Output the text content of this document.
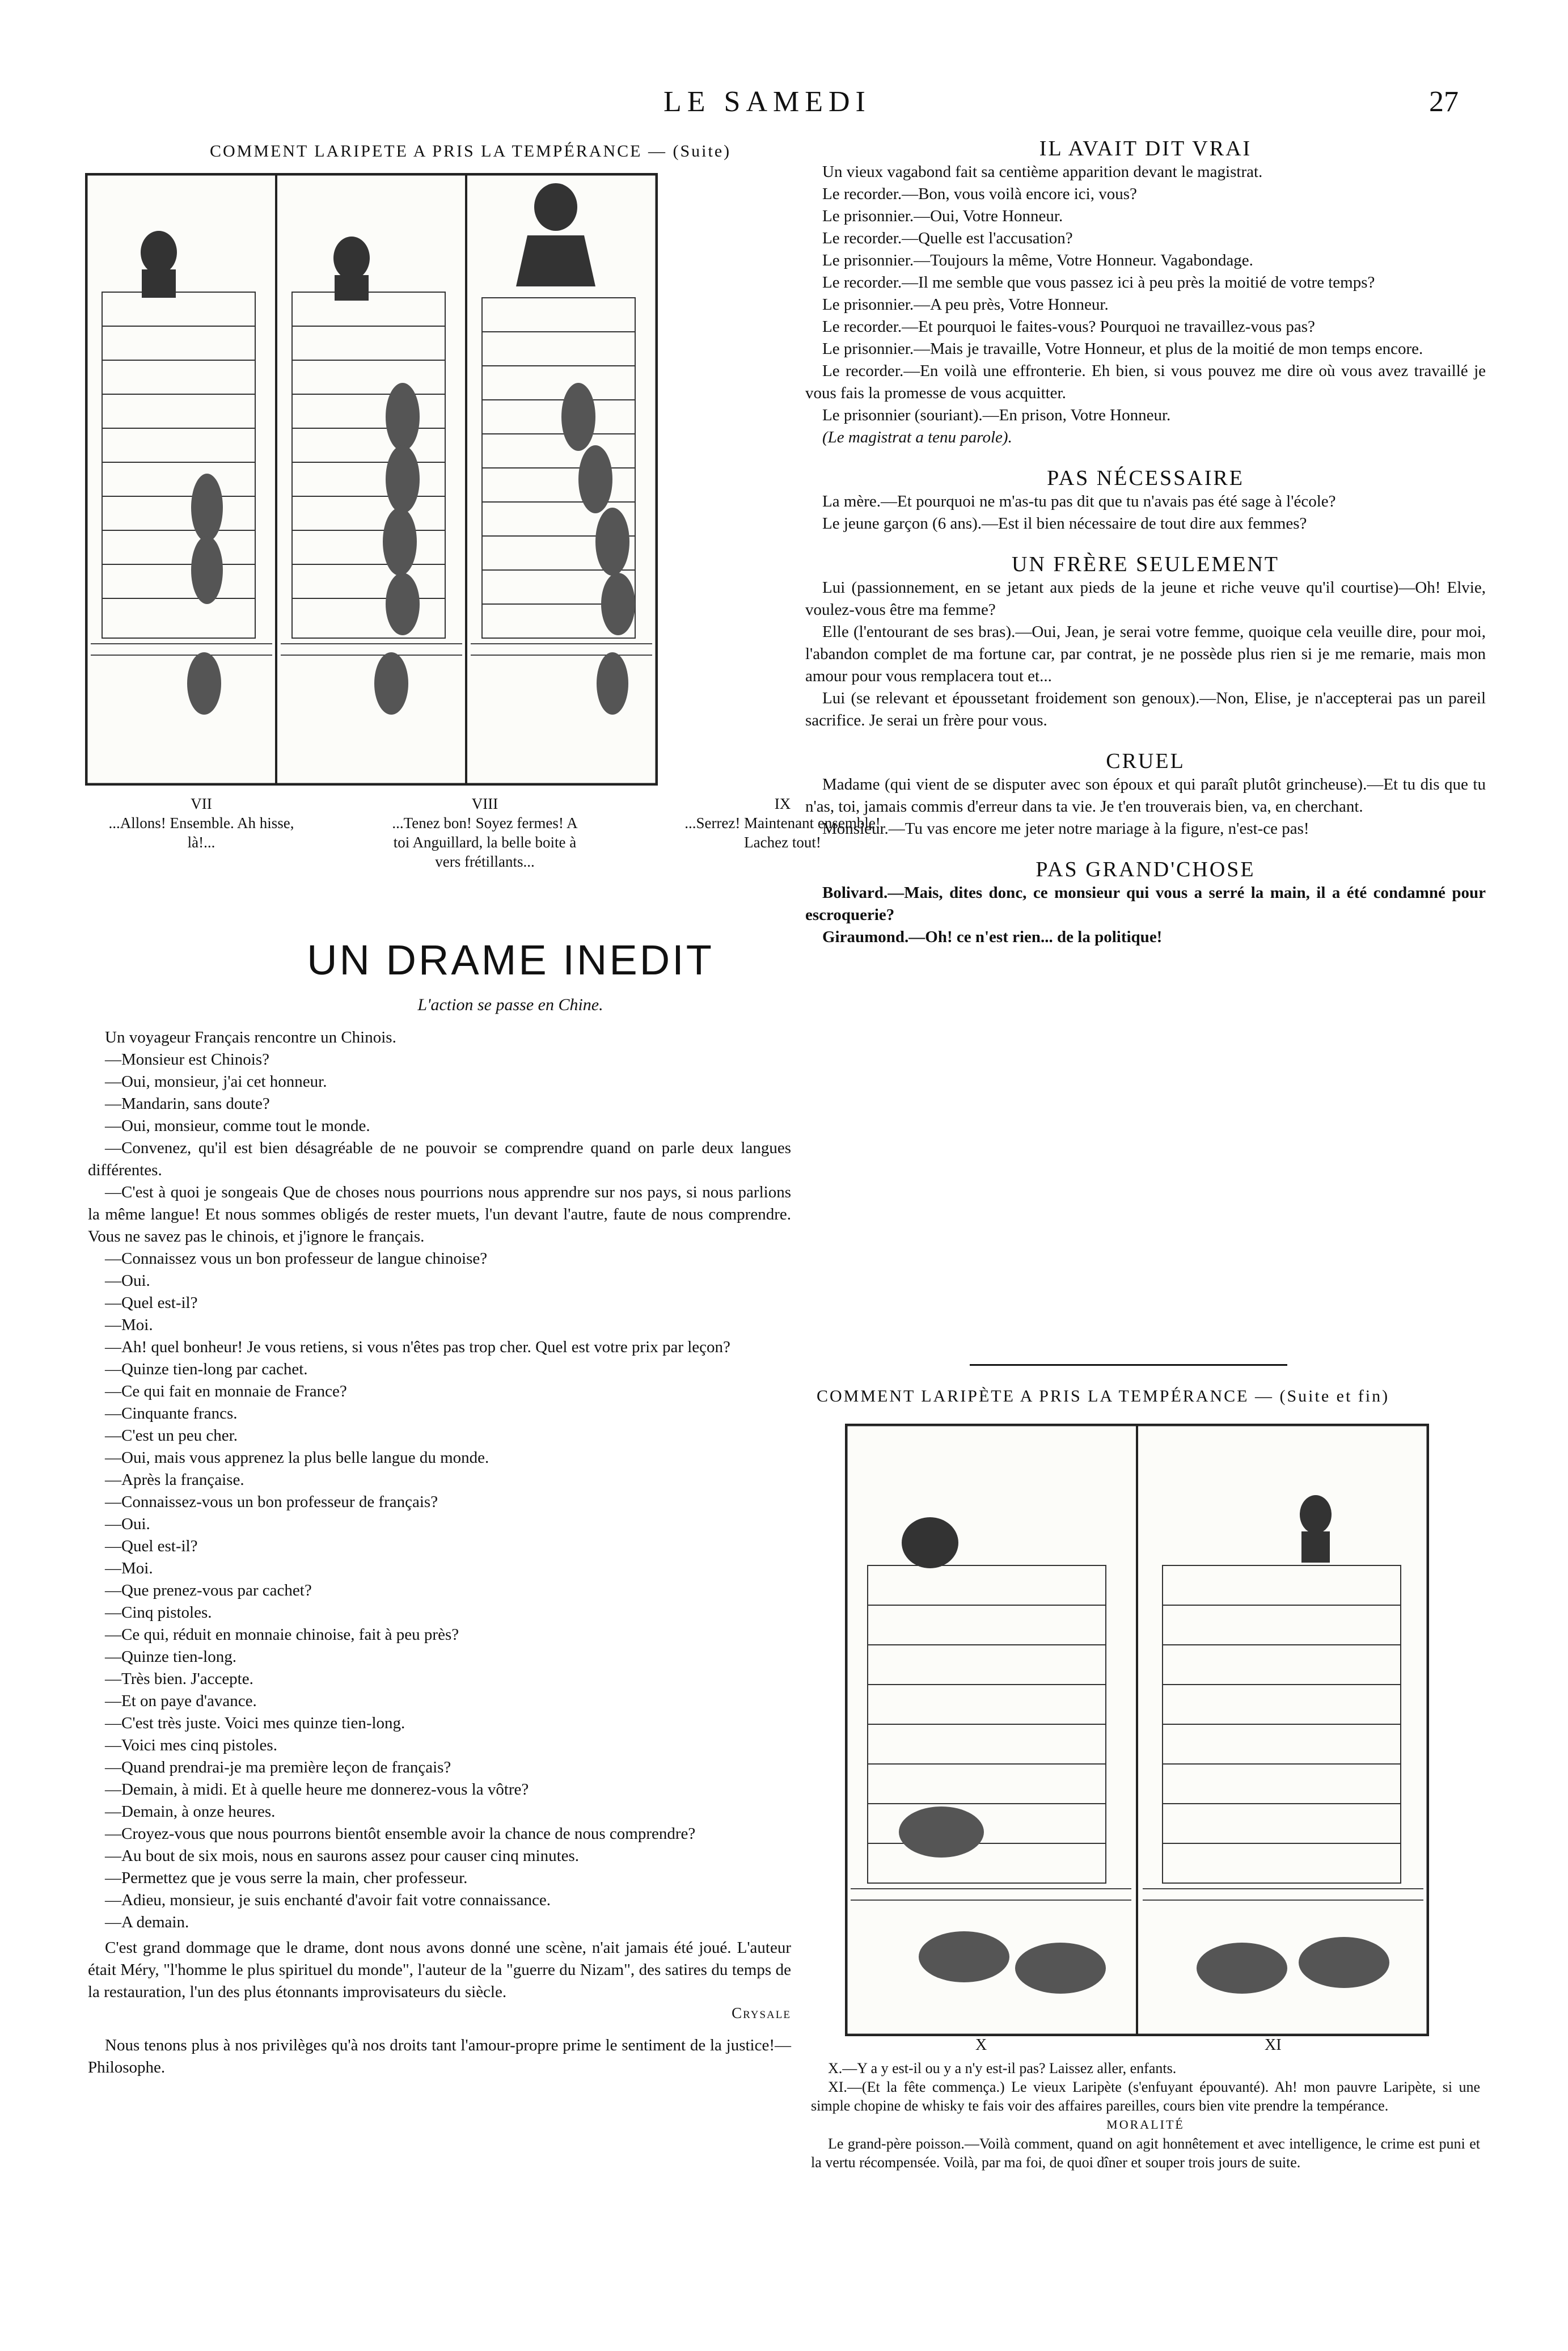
LE SAMEDI	27
COMMENT LARIPETE A PRIS LA TEMPÉRANCE — (Suite)
VII
...Allons! Ensemble. Ah hisse, là!...
VIII
...Tenez bon! Soyez fermes! A toi Anguillard, la belle boite à vers frétillants...
IX
...Serrez! Maintenant ensemble! Lachez tout!
UN DRAME INEDIT
L'action se passe en Chine.

Un voyageur Français rencontre un Chinois.

—Monsieur est Chinois?

—Oui, monsieur, j'ai cet honneur.

—Mandarin, sans doute?

—Oui, monsieur, comme tout le monde.

—Convenez, qu'il est bien désagréable de ne pouvoir se comprendre quand on parle deux langues différentes.

—C'est à quoi je songeais Que de choses nous pourrions nous apprendre sur nos pays, si nous parlions la même langue! Et nous sommes obligés de rester muets, l'un devant l'autre, faute de nous comprendre. Vous ne savez pas le chinois, et j'ignore le français.

—Connaissez vous un bon professeur de langue chinoise?

—Oui.

—Quel est-il?

—Moi.

—Ah! quel bonheur! Je vous retiens, si vous n'êtes pas trop cher. Quel est votre prix par leçon?

—Quinze tien-long par cachet.

—Ce qui fait en monnaie de France?

—Cinquante francs.

—C'est un peu cher.

—Oui, mais vous apprenez la plus belle langue du monde.

—Après la française.

—Connaissez-vous un bon professeur de français?

—Oui.

—Quel est-il?

—Moi.

—Que prenez-vous par cachet?

—Cinq pistoles.

—Ce qui, réduit en monnaie chinoise, fait à peu près?

—Quinze tien-long.

—Très bien. J'accepte.

—Et on paye d'avance.

—C'est très juste. Voici mes quinze tien-long.

—Voici mes cinq pistoles.

—Quand prendrai-je ma première leçon de français?

—Demain, à midi. Et à quelle heure me donnerez-vous la vôtre?

—Demain, à onze heures.

—Croyez-vous que nous pourrons bientôt ensemble avoir la chance de nous comprendre?

—Au bout de six mois, nous en saurons assez pour causer cinq minutes.

—Permettez que je vous serre la main, cher professeur.

—Adieu, monsieur, je suis enchanté d'avoir fait votre connaissance.

—A demain.

C'est grand dommage que le drame, dont nous avons donné une scène, n'ait jamais été joué. L'auteur était Méry, "l'homme le plus spirituel du monde", l'auteur de la "guerre du Nizam", des satires du temps de la restauration, l'un des plus étonnants improvisateurs du siècle.

Crysale

Nous tenons plus à nos privilèges qu'à nos droits tant l'amour-propre prime le sentiment de la justice!—Philosophe.

IL AVAIT DIT VRAI

Un vieux vagabond fait sa centième apparition devant le magistrat.

Le recorder.—Bon, vous voilà encore ici, vous?

Le prisonnier.—Oui, Votre Honneur.

Le recorder.—Quelle est l'accusation?

Le prisonnier.—Toujours la même, Votre Honneur. Vagabondage.

Le recorder.—Il me semble que vous passez ici à peu près la moitié de votre temps?

Le prisonnier.—A peu près, Votre Honneur.

Le recorder.—Et pourquoi le faites-vous? Pourquoi ne travaillez-vous pas?

Le prisonnier.—Mais je travaille, Votre Honneur, et plus de la moitié de mon temps encore.

Le recorder.—En voilà une effronterie. Eh bien, si vous pouvez me dire où vous avez travaillé je vous fais la promesse de vous acquitter.

Le prisonnier (souriant).—En prison, Votre Honneur.

(Le magistrat a tenu parole).

PAS NÉCESSAIRE

La mère.—Et pourquoi ne m'as-tu pas dit que tu n'avais pas été sage à l'école?

Le jeune garçon (6 ans).—Est il bien nécessaire de tout dire aux femmes?

UN FRÈRE SEULEMENT

Lui (passionnement, en se jetant aux pieds de la jeune et riche veuve qu'il courtise)—Oh! Elvie, voulez-vous être ma femme?

Elle (l'entourant de ses bras).—Oui, Jean, je serai votre femme, quoique cela veuille dire, pour moi, l'abandon complet de ma fortune car, par contrat, je ne possède plus rien si je me remarie, mais mon amour pour vous remplacera tout et...

Lui (se relevant et époussetant froidement son genoux).—Non, Elise, je n'accepterai pas un pareil sacrifice. Je serai un frère pour vous.

CRUEL

Madame (qui vient de se disputer avec son époux et qui paraît plutôt grincheuse).—Et tu dis que tu n'as, toi, jamais commis d'erreur dans ta vie. Je t'en trouverais bien, va, en cherchant.

Monsieur.—Tu vas encore me jeter notre mariage à la figure, n'est-ce pas!

PAS GRAND'CHOSE

Bolivard.—Mais, dites donc, ce monsieur qui vous a serré la main, il a été condamné pour escroquerie?

Giraumond.—Oh! ce n'est rien... de la politique!

COMMENT LARIPÈTE A PRIS LA TEMPÉRANCE — (Suite et fin)
X	XI

X.—Y a y est-il ou y a n'y est-il pas? Laissez aller, enfants.

XI.—(Et la fête commença.) Le vieux Laripète (s'enfuyant épouvanté). Ah! mon pauvre Laripète, si une simple chopine de whisky te fais voir des affaires pareilles, cours bien vite prendre la tempérance.

MORALITÉ

Le grand-père poisson.—Voilà comment, quand on agit honnêtement et avec intelligence, le crime est puni et la vertu récompensée. Voilà, par ma foi, de quoi dîner et souper trois jours de suite.
